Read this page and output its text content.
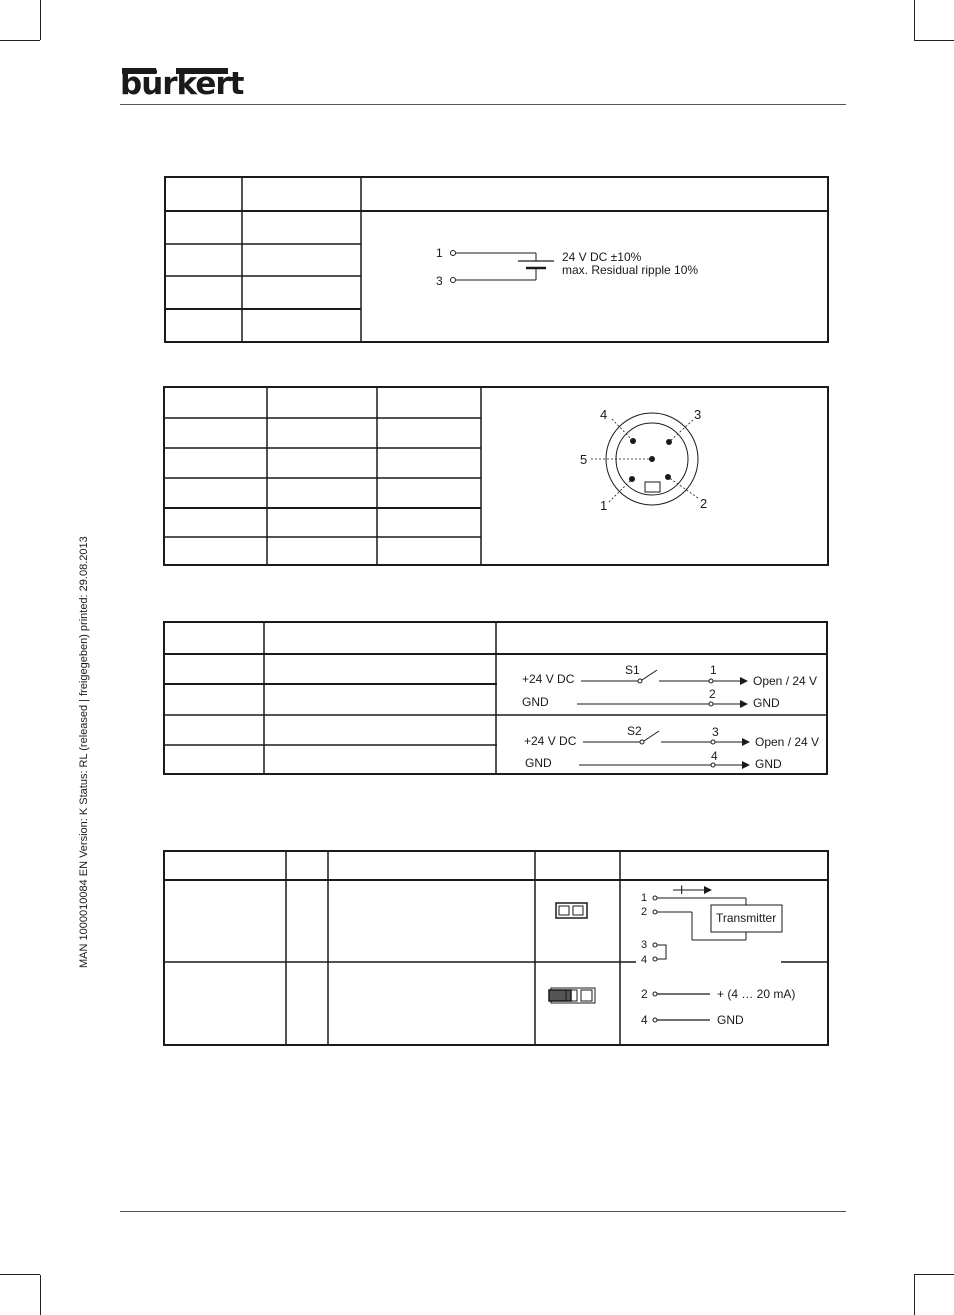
bürkert
MAN 1000010084 EN Version: K Status: RL (released | freigegeben) printed: 29.08.2013
1
3
24 V DC ±10%
max. Residual ripple 10%
4	3
5
1	2
+24 V DC
S1	1
Open / 24 V
GND
2
GND
+24 V DC
S2	3
Open / 24 V
GND	4
GND
I
1
2
3
4
Transmitter
2	+ (4 … 20 mA)
4	GND
